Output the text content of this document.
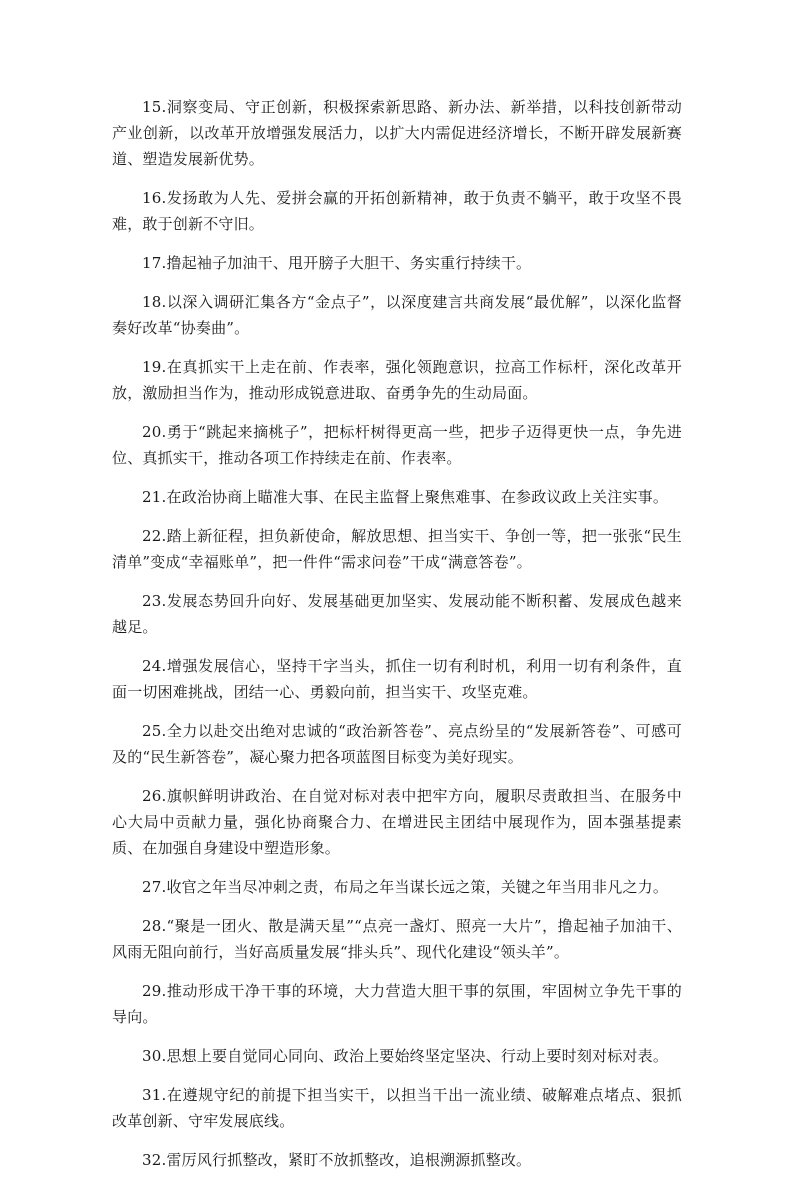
15.洞察变局、守正创新，积极探索新思路、新办法、新举措，以科技创新带动产业创新，以改革开放增强发展活力，以扩大内需促进经济增长，不断开辟发展新赛道、塑造发展新优势。

16.发扬敢为人先、爱拼会赢的开拓创新精神，敢于负责不躺平，敢于攻坚不畏难，敢于创新不守旧。

17.撸起袖子加油干、甩开膀子大胆干、务实重行持续干。

18.以深入调研汇集各方“金点子”，以深度建言共商发展“最优解”，以深化监督奏好改革“协奏曲”。

19.在真抓实干上走在前、作表率，强化领跑意识，拉高工作标杆，深化改革开放，激励担当作为，推动形成锐意进取、奋勇争先的生动局面。

20.勇于“跳起来摘桃子”，把标杆树得更高一些，把步子迈得更快一点，争先进位、真抓实干，推动各项工作持续走在前、作表率。

21.在政治协商上瞄准大事、在民主监督上聚焦难事、在参政议政上关注实事。

22.踏上新征程，担负新使命，解放思想、担当实干、争创一等，把一张张“民生清单”变成“幸福账单”，把一件件“需求问卷”干成“满意答卷”。

23.发展态势回升向好、发展基础更加坚实、发展动能不断积蓄、发展成色越来越足。

24.增强发展信心，坚持干字当头，抓住一切有利时机，利用一切有利条件，直面一切困难挑战，团结一心、勇毅向前，担当实干、攻坚克难。

25.全力以赴交出绝对忠诚的“政治新答卷”、亮点纷呈的“发展新答卷”、可感可及的“民生新答卷”，凝心聚力把各项蓝图目标变为美好现实。

26.旗帜鲜明讲政治、在自觉对标对表中把牢方向，履职尽责敢担当、在服务中心大局中贡献力量，强化协商聚合力、在增进民主团结中展现作为，固本强基提素质、在加强自身建设中塑造形象。

27.收官之年当尽冲刺之责，布局之年当谋长远之策，关键之年当用非凡之力。

28.“聚是一团火、散是满天星”“点亮一盏灯、照亮一大片”，撸起袖子加油干、风雨无阻向前行，当好高质量发展“排头兵”、现代化建设“领头羊”。

29.推动形成干净干事的环境，大力营造大胆干事的氛围，牢固树立争先干事的导向。

30.思想上要自觉同心同向、政治上要始终坚定坚决、行动上要时刻对标对表。

31.在遵规守纪的前提下担当实干，以担当干出一流业绩、破解难点堵点、狠抓改革创新、守牢发展底线。

32.雷厉风行抓整改，紧盯不放抓整改，追根溯源抓整改。
